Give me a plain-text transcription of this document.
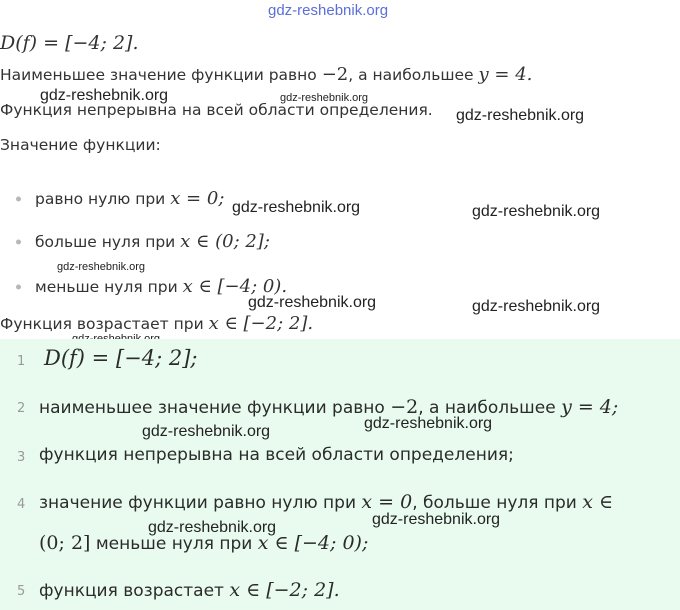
gdz-reshebnik.org
D(f) = [−4; 2].
Наименьшее значение функции равно −2, а наибольшее y = 4.
gdz-reshebnik.org	gdz-reshebnik.org
Функция непрерывна на всей области определения. gdz-reshebnik.org
Значение функции:
равно нулю при x = 0; gdz-reshebnik.org	gdz-reshebnik.org
больше нуля при x ∈ (0; 2];
gdz-reshebnik.org
меньше нуля при x ∈ [−4; 0).
gdz-reshebnik.org	gdz-reshebnik.org
Функция возрастает при x ∈ [−2; 2].
1 D(f) = [−4; 2];
2 наименьшее значение функции равно −2, а наибольшее y = 4;
gdz-reshebnik.org
gdz-reshebnik.org
3 функция непрерывна на всей области определения;
4 значение функции равно нулю при x = 0, больше нуля при x ∈
gdz-reshebnik.org
gdz-reshebnik.org
(0; 2] меньше нуля при x ∈ [−4; 0);
5 функция возрастает x ∈ [−2; 2].
